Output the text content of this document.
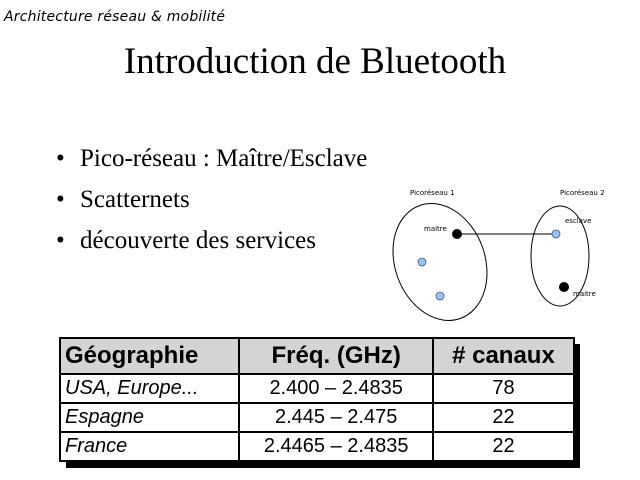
Architecture réseau & mobilité
Introduction de Bluetooth
• Pico-réseau : Maître/Esclave
• Scatternets
• découverte des services
Picoréseau 1	Picoréseau 2
maitre
esclave
maitre
Géographie	Fréq. (GHz)	# canaux
USA, Europe...	2.400 – 2.4835	78
Espagne	2.445 – 2.475	22
France	2.4465 – 2.4835	22
